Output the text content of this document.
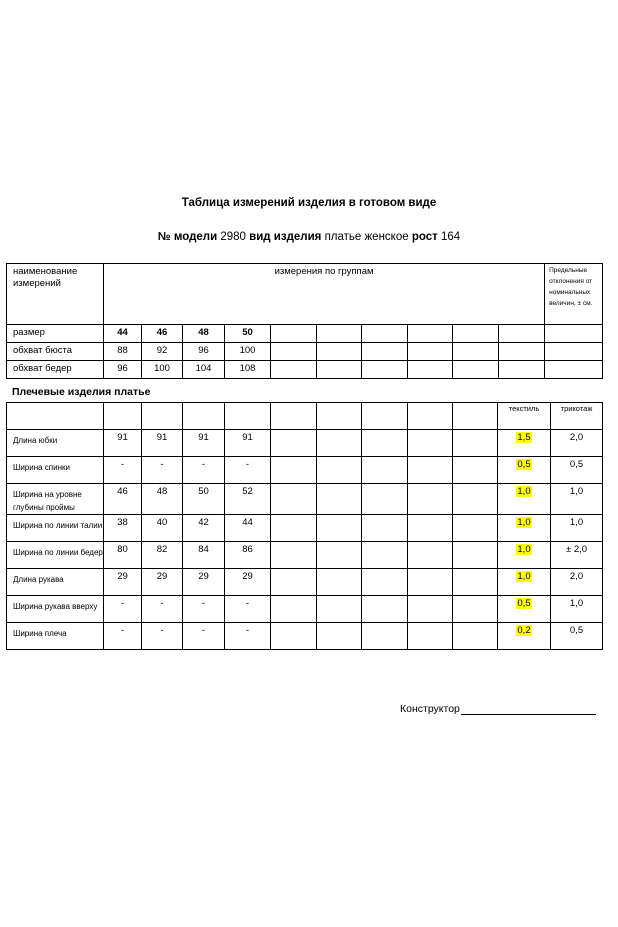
Таблица измерений изделия в готовом виде
№ модели 2980 вид изделия платье женское рост 164
наименование измерений	измерения по группам										Предельные отклонения от номинальных величин, ± см.
размер	44	46	48	50							
обхват бюста	88	92	96	100							
обхват бедер	96	100	104	108							
Плечевые изделия платье
										текстиль	трикотаж
Длина юбки	91	91	91	91						1,5	2,0
Ширина спинки	-	-	-	-						0,5	0,5
Ширина на уровне глубины проймы	46	48	50	52						1,0	1,0
Ширина по линии талии	38	40	42	44						1,0	1,0
Ширина по линии бедер	80	82	84	86						1,0	± 2,0
Длина рукава	29	29	29	29						1,0	2,0
Ширина рукава вверху	-	-	-	-						0,5	1,0
Ширина плеча	-	-	-	-						0,2	0,5
Конструктор
